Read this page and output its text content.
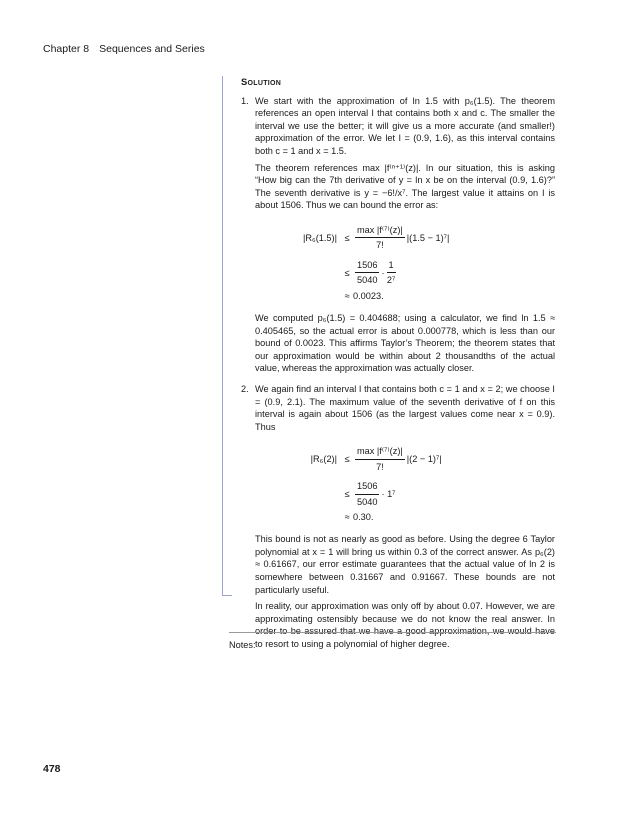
Chapter 8 Sequences and Series
Solution
1. We start with the approximation of ln 1.5 with p₆(1.5). The theorem references an open interval I that contains both x and c. The smaller the interval we use the better; it will give us a more accurate (and smaller!) approximation of the error. We let I = (0.9, 1.6), as this interval contains both c = 1 and x = 1.5.

The theorem references max |f⁽ⁿ⁺¹⁾(z)|. In our situation, this is asking “How big can the 7th derivative of y = ln x be on the interval (0.9, 1.6)?” The seventh derivative is y = −6!/x⁷. The largest value it attains on I is about 1506. Thus we can bound the error as:

$|R_6(1.5)| \le \frac{\text{max |f⁽⁷⁾(z)|}}{7!} |(1.5 - 1)^7|$
≤ $\frac{1506}{5040} \cdot \frac{1}{\text{2⁷}}$
≈ 0.0023.

We computed p₆(1.5) = 0.404688; using a calculator, we find ln 1.5 ≈ 0.405465, so the actual error is about 0.000778, which is less than our bound of 0.0023. This affirms Taylor’s Theorem; the theorem states that our approximation would be within about 2 thousandths of the actual value, whereas the approximation was actually closer.

2. We again find an interval I that contains both c = 1 and x = 2; we choose I = (0.9, 2.1). The maximum value of the seventh derivative of f on this interval is again about 1506 (as the largest values come near x = 0.9). Thus

$|R_6(2)| \le \frac{\text{max |f⁽⁷⁾(z)|}}{7!} |(2 - 1)^7|$
≤ $\frac{1506}{5040} \cdot 1^7$
≈ 0.30.

This bound is not as nearly as good as before. Using the degree 6 Taylor polynomial at x = 1 will bring us within 0.3 of the correct answer. As p₆(2) ≈ 0.61667, our error estimate guarantees that the actual value of ln 2 is somewhere between 0.31667 and 0.91667. These bounds are not particularly useful.

In reality, our approximation was only off by about 0.07. However, we are approximating ostensibly because we do not know the real answer. In order to be assured that we have a good approximation, we would have to resort to using a polynomial of higher degree.

Notes:
478
